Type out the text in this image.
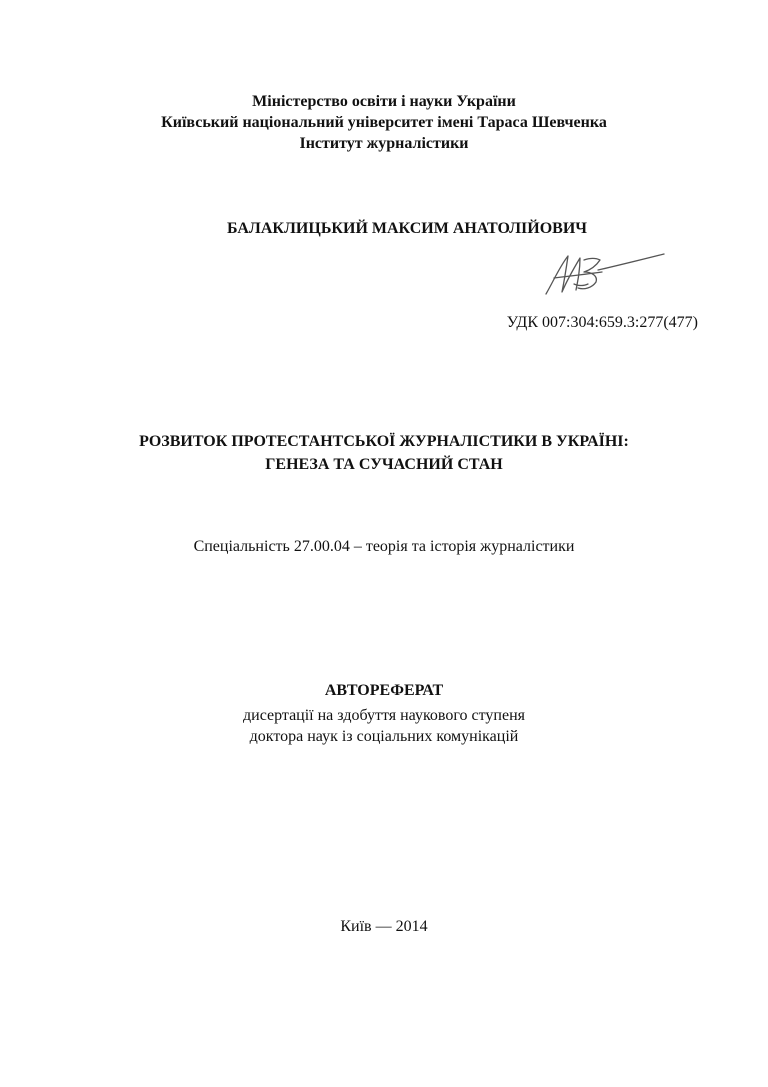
Міністерство освіти і науки України
Київський національний університет імені Тараса Шевченка
Інститут журналістики
БАЛАКЛИЦЬКИЙ МАКСИМ АНАТОЛІЙОВИЧ
УДК 007:304:659.3:277(477)
РОЗВИТОК ПРОТЕСТАНТСЬКОЇ ЖУРНАЛІСТИКИ В УКРАЇНІ:
ГЕНЕЗА ТА СУЧАСНИЙ СТАН
Спеціальність 27.00.04 – теорія та історія журналістики
АВТОРЕФЕРАТ
дисертації на здобуття наукового ступеня
доктора наук із соціальних комунікацій
Київ — 2014
